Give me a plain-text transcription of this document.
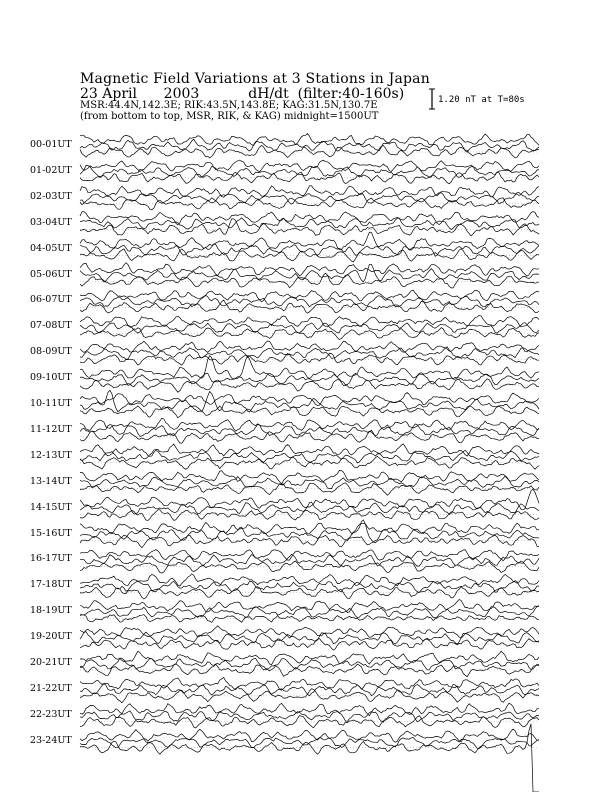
Magnetic Field Variations at 3 Stations in Japan
23 April      2003           dH/dt  (filter:40-160s)
MSR:44.4N,142.3E; RIK:43.5N,143.8E; KAG:31.5N,130.7E
(from bottom to top, MSR, RIK, & KAG) midnight=1500UT
1.20 nT at T=80s
00-01UT
01-02UT
02-03UT
03-04UT
04-05UT
05-06UT
06-07UT
07-08UT
08-09UT
09-10UT
10-11UT
11-12UT
12-13UT
13-14UT
14-15UT
15-16UT
16-17UT
17-18UT
18-19UT
19-20UT
20-21UT
21-22UT
22-23UT
23-24UT
